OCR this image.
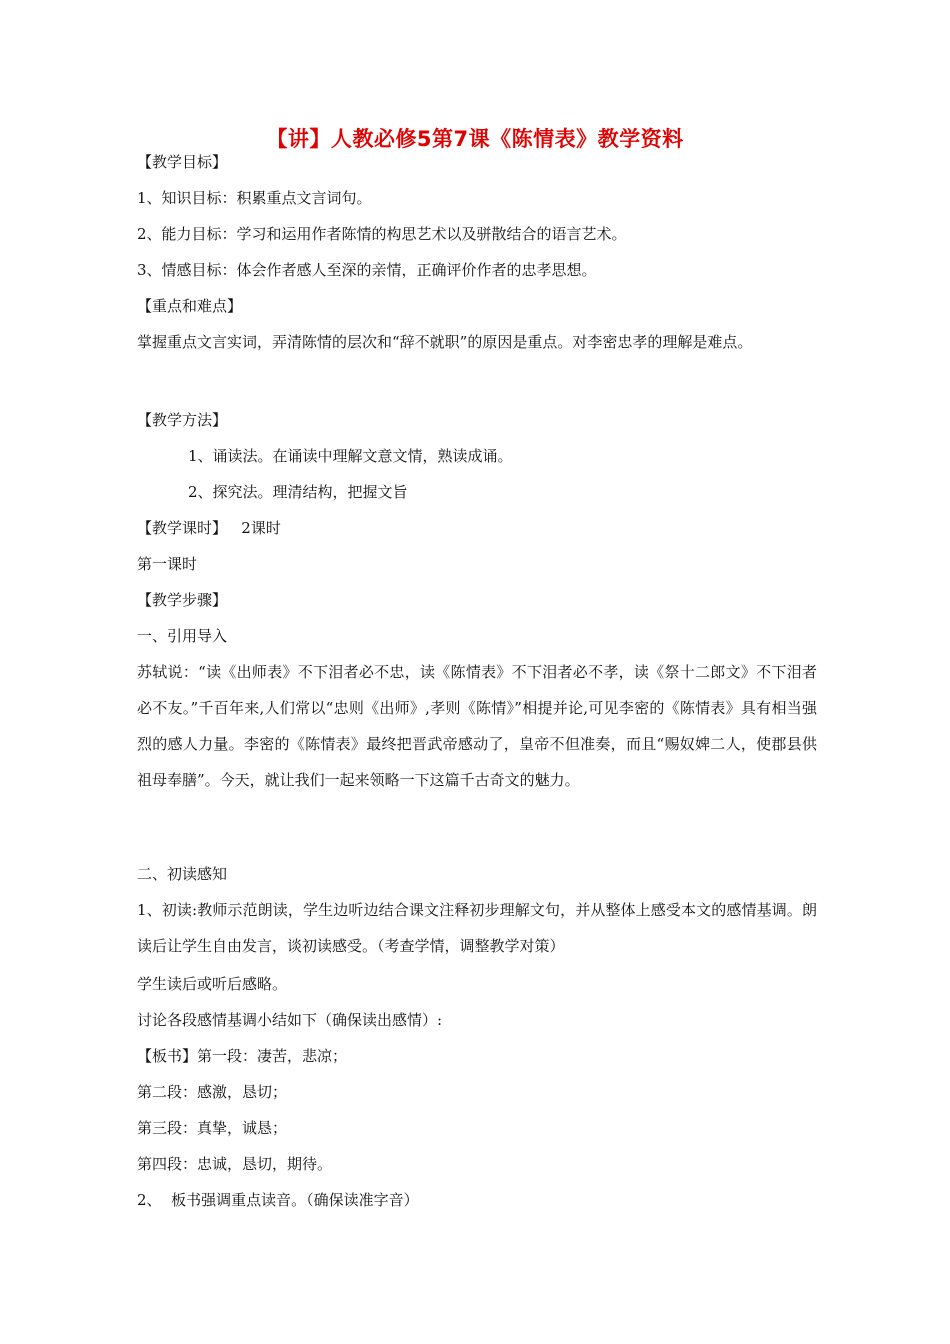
【讲】人教必修5第7课《陈情表》教学资料
【教学目标】
1、知识目标：积累重点文言词句。
2、能力目标：学习和运用作者陈情的构思艺术以及骈散结合的语言艺术。
3、情感目标：体会作者感人至深的亲情，正确评价作者的忠孝思想。
【重点和难点】
掌握重点文言实词，弄清陈情的层次和“辞不就职”的原因是重点。对李密忠孝的理解是难点。
【教学方法】
1、诵读法。在诵读中理解文意文情，熟读成诵。
2、探究法。理清结构，把握文旨
【教学课时】   2课时
第一课时
【教学步骤】
一、引用导入
苏轼说：“读《出师表》不下泪者必不忠，读《陈情表》不下泪者必不孝，读《祭十二郎文》不下泪者必不友。”千百年来,人们常以“忠则《出师》,孝则《陈情》”相提并论,可见李密的《陈情表》具有相当强烈的感人力量。李密的《陈情表》最终把晋武帝感动了，皇帝不但准奏，而且“赐奴婢二人，使郡县供祖母奉膳”。今天，就让我们一起来领略一下这篇千古奇文的魅力。
二、初读感知
1、初读:教师示范朗读，学生边听边结合课文注释初步理解文句，并从整体上感受本文的感情基调。朗读后让学生自由发言，谈初读感受。（考查学情，调整教学对策）
学生读后或听后感略。
讨论各段感情基调小结如下（确保读出感情）:
【板书】第一段：凄苦，悲凉；
第二段：感激，恳切；
第三段：真挚，诚恳；
第四段：忠诚，恳切，期待。
2、  板书强调重点读音。（确保读准字音）
